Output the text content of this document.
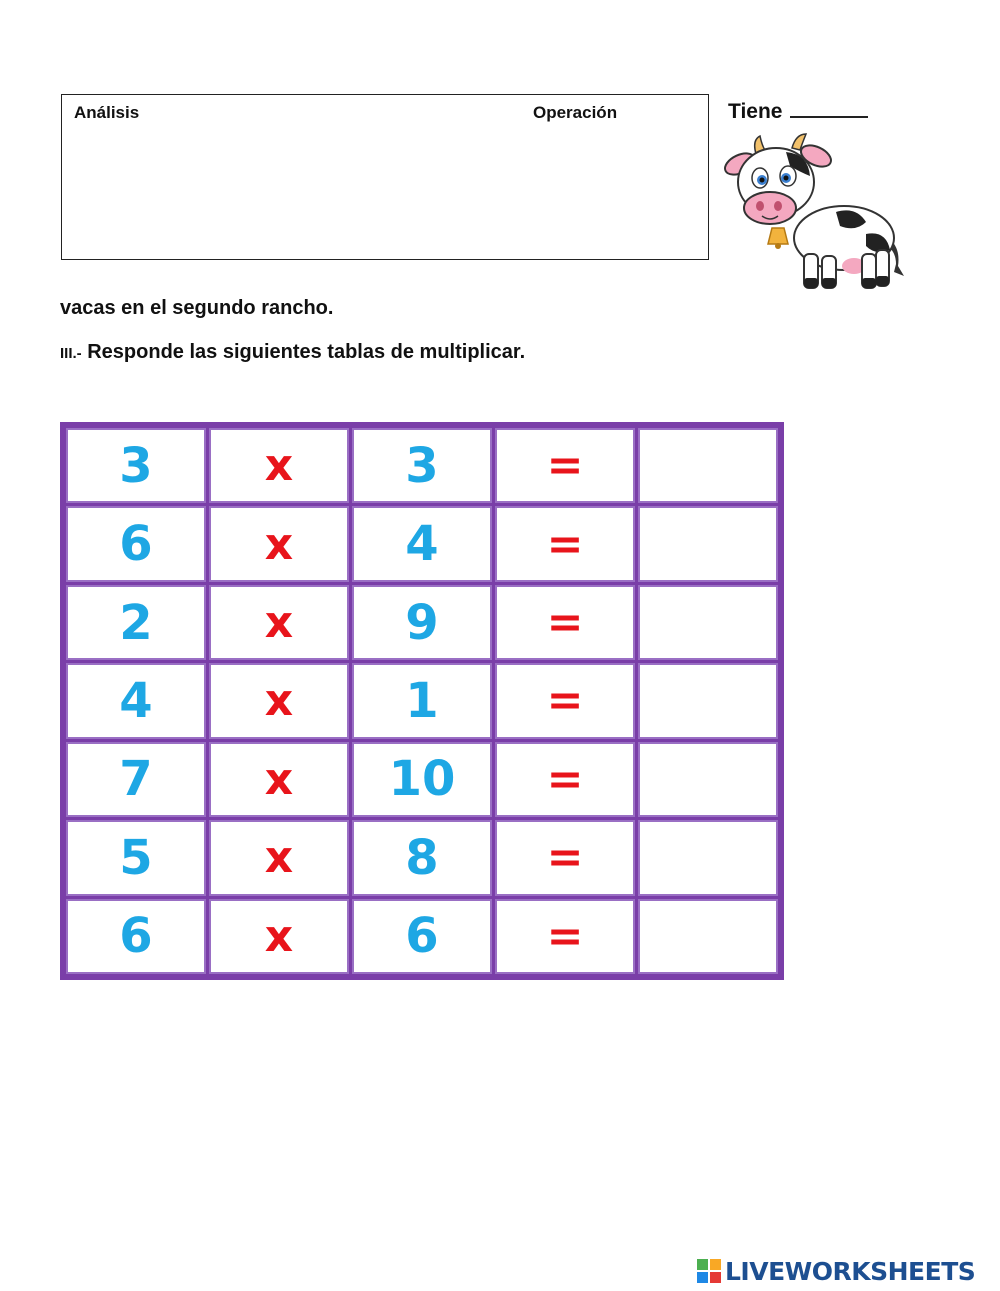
Análisis	Operación	Tiene
vacas en el segundo rancho.
III.- Responde las siguientes tablas de multiplicar.
3	x	3	=
6	x	4	=
2	x	9	=
4	x	1	=
7	x	10	=
5	x	8	=
6	x	6	=
LIVEWORKSHEETS
